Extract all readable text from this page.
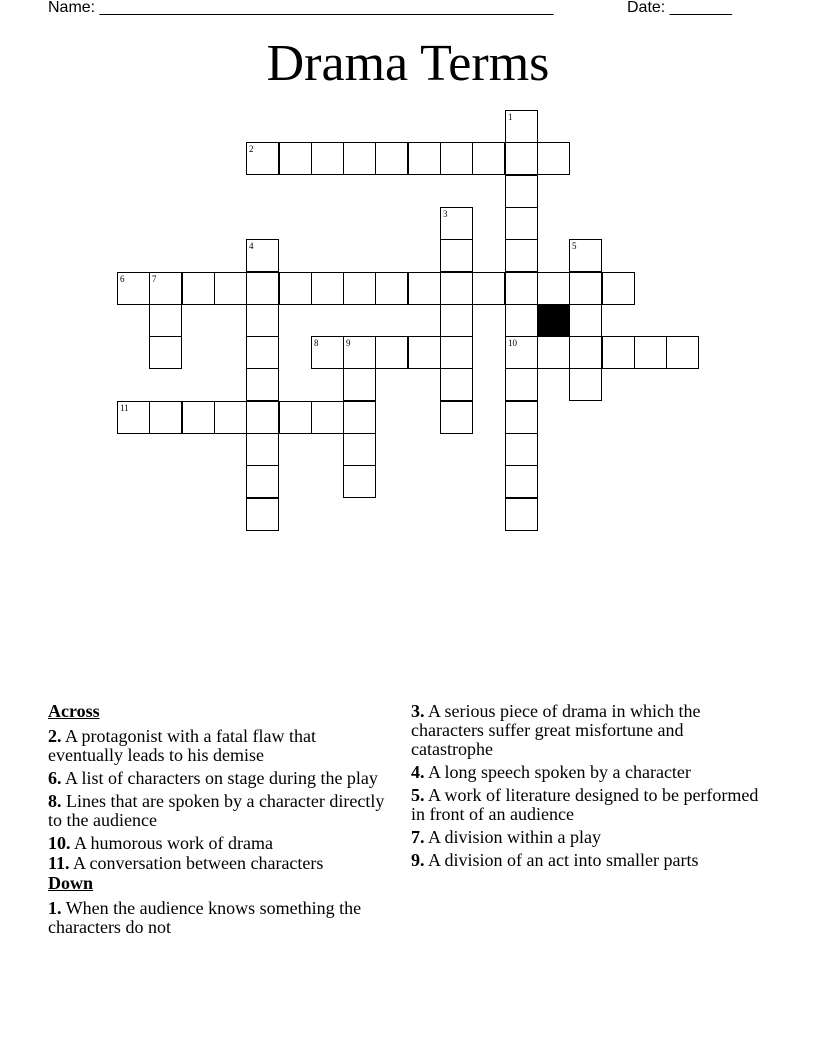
Name: ___________________________________________________	Date: _______
Drama Terms
2
6	7
8	9	10
11
1
3
4	5
Across
2. A protagonist with a fatal flaw that eventually leads to his demise
6. A list of characters on stage during the play
8. Lines that are spoken by a character directly to the audience
10. A humorous work of drama
11. A conversation between characters
Down
1. When the audience knows something the characters do not
3. A serious piece of drama in which the characters suffer great misfortune and catastrophe
4. A long speech spoken by a character
5. A work of literature designed to be performed in front of an audience
7. A division within a play
9. A division of an act into smaller parts
